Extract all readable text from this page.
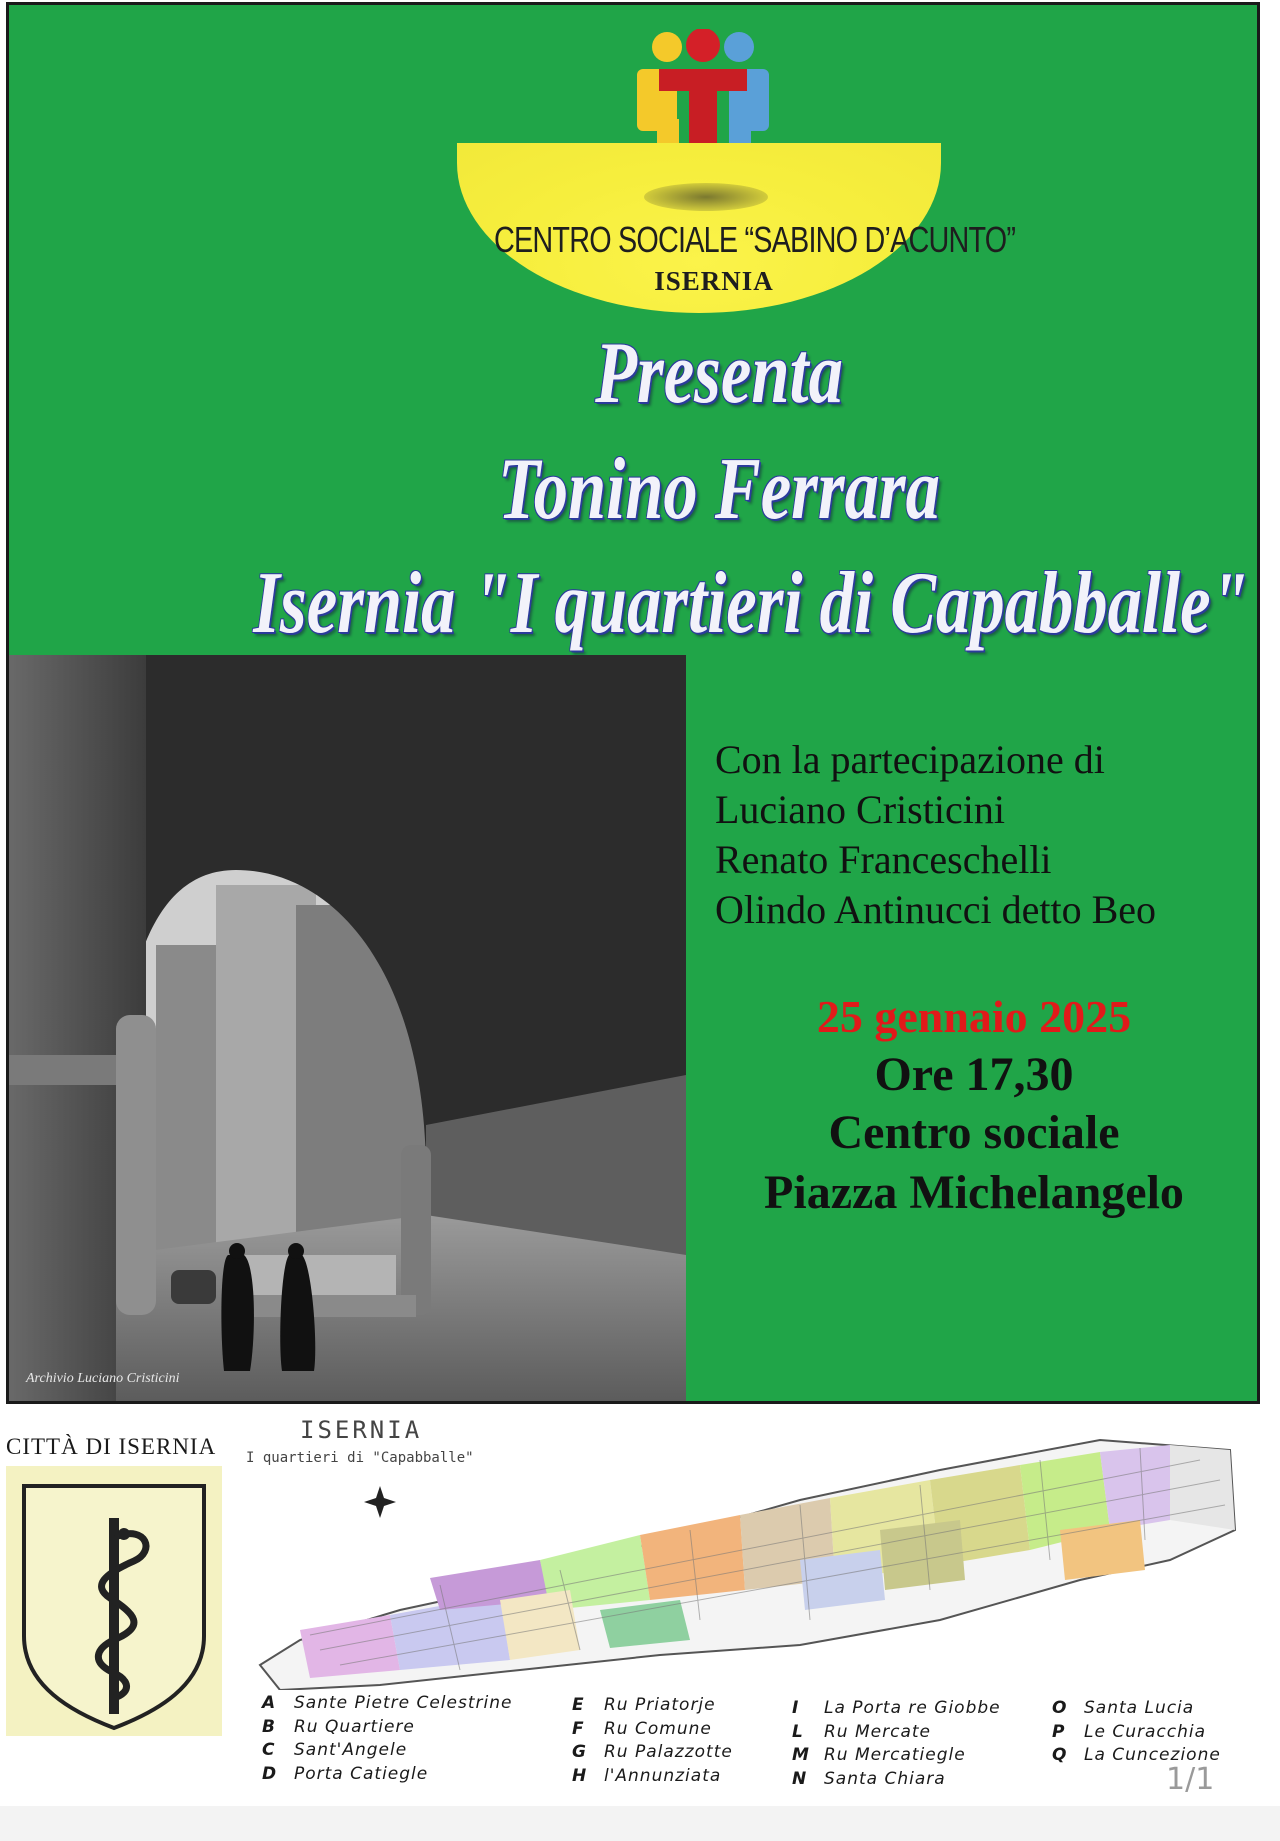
CENTRO SOCIALE “SABINO D’ACUNTO”
ISERNIA
Presenta
Tonino Ferrara
Isernia "I quartieri di Capabballe"
Archivio Luciano Cristicini
Con la partecipazione di
Luciano Cristicini
Renato Franceschelli
Olindo Antinucci detto Beo
25 gennaio 2025
Ore 17,30
Centro sociale
Piazza Michelangelo
CITTÀ DI ISERNIA
ISERNIA
I quartieri di "Capabballe"
A Sante Pietre Celestrine
B Ru Quartiere
C Sant'Angele
D Porta Catiegle
E Ru Priatorje
F Ru Comune
G Ru Palazzotte
H l'Annunziata
I La Porta re Giobbe
L Ru Mercate
M Ru Mercatiegle
N Santa Chiara
O Santa Lucia
P Le Curacchia
Q La Cuncezione
1/1
